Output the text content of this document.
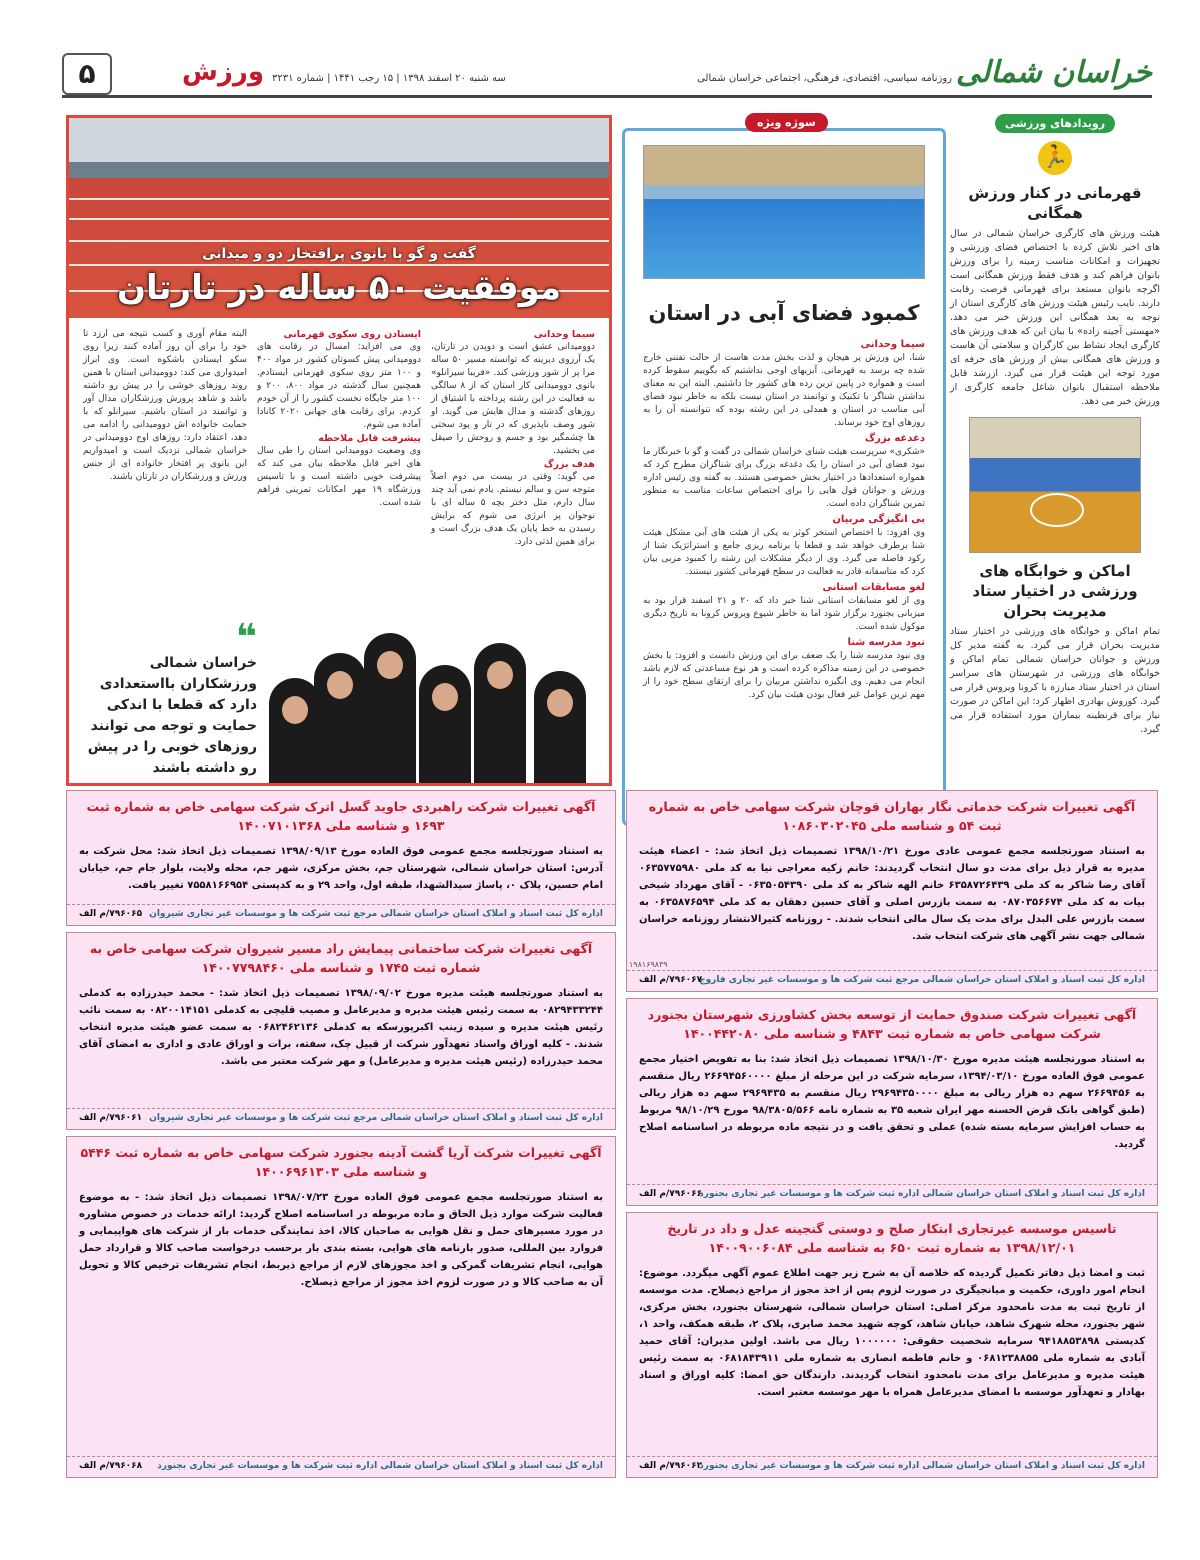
خراسان شمالی
روزنامه سیاسی، اقتصادی، فرهنگی، اجتماعی خراسان شمالی
سه شنبه ۲۰ اسفند ۱۳۹۸ | ۱۵ رجب ۱۴۴۱ | شماره ۳۲۳۱
ورزش
۵
رویدادهای ورزشی
🏃
قهرمانی در کنار ورزش همگانی
هیئت ورزش های کارگری خراسان شمالی در سال های اخیر تلاش کرده با اختصاص فضای ورزشی و تجهیزات و امکانات مناسب زمینه را برای ورزش بانوان فراهم کند و هدف فقط ورزش همگانی است اگرچه بانوان مستعد برای قهرمانی فرصت رقابت دارند. نایب رئیس هیئت ورزش های کارگری استان از توجه به بعد همگانی این ورزش خبر می دهد. «مهستی آجینه زاده» با بیان این که هدف ورزش های کارگری ایجاد نشاط بین کارگران و سلامتی آن هاست و ورزش های همگانی بیش از ورزش های حرفه ای مورد توجه این هیئت قرار می گیرد. ازرشد قابل ملاحظه استقبال بانوان شاغل جامعه کارگری از ورزش خبر می دهد.
اماکن و خوابگاه های ورزشی در اختیار ستاد مدیریت بحران
تمام اماکن و خوابگاه های ورزشی در اختیار ستاد مدیریت بحران قرار می گیرد. به گفته مدیر کل ورزش و جوانان خراسان شمالی تمام اماکن و خوابگاه های ورزشی در شهرستان های سراسر استان در اختیار ستاد مبارزه با کرونا ویروس قرار می گیرد. کوروش بهادری اظهار کرد: این اماکن در صورت نیاز برای قرنطینه بیماران مورد استفاده قرار می گیرد.
سوژه ویژه
کمبود فضای آبی در استان
سیما وحدانی
شنا، این ورزش پر هیجان و لذت بخش مدت هاست از حالت تفننی خارج شده چه برسد به قهرمانی. آبزیهای اوجی نداشتیم که بگوییم سقوط کرده است و همواره در پایین ترین رده های کشور جا داشتیم. البته این به معنای نداشتن شناگر با تکنیک و توانمند در استان نیست بلکه به خاطر نبود فضای آبی مناسب در استان و همدلی در این رشته بوده که نتوانسته آن را به روزهای اوج خود برساند.
دغدغه بزرگ
«شکری» سرپرست هیئت شنای خراسان شمالی در گفت و گو با خبرنگار ما نبود فضای آبی در استان را یک دغدغه بزرگ برای شناگران مطرح کرد که همواره استعدادها در اختیار بخش خصوصی هستند. به گفته وی رئیس اداره ورزش و جوانان قول هایی را برای اختصاص ساعات مناسب به منظور تمرین شناگران داده است.
بی انگیزگی مربیان
وی افزود: با اختصاص استخر کوثر به یکی از هیئت های آبی مشکل هیئت شنا برطرف خواهد شد و قطعا با برنامه ریزی جامع و استراتژیک شنا از رکود فاصله می گیرد. وی از دیگر مشکلات این رشته را کمبود مربی بیان کرد که متاسفانه قادر به فعالیت در سطح قهرمانی کشور نیستند.
لغو مسابقات استانی
وی از لغو مسابقات استانی شنا خبر داد که ۲۰ و ۲۱ اسفند قرار بود به میزبانی بجنورد برگزار شود اما به خاطر شیوع ویروس کرونا به تاریخ دیگری موکول شده است.
نبود مدرسه شنا
وی نبود مدرسه شنا را یک ضعف برای این ورزش دانست و افزود: با بخش خصوصی در این زمینه مذاکره کرده است و هر نوع مساعدتی که لازم باشد انجام می دهیم. وی انگیزه نداشتن مربیان را برای ارتقای سطح خود را از مهم ترین عوامل غیر فعال بودن هیئت بیان کرد.
گفت و گو با بانوی پرافتخار دو و میدانی
موفقیت ۵۰ ساله در تارتان
سیما وحدانی
دوومیدانی عشق است و دویدن در تارتان، یک آرزوی دیرینه که توانسته مسیر ۵۰ ساله مرا پر از شور ورزشی کند. «فریبا سیرانلو» بانوی دوومیدانی کار استان که از ۸ سالگی به فعالیت در این رشته پرداخته با اشتیاق از روزهای گذشته و مدال هایش می گوید. او شور وصف ناپذیری که در تار و پود سختی ها چشمگیر بود و جسم و روحش را صیقل می بخشید.
هدف بزرگ
می گوید: وقتی در بیست می دوم اصلاً متوجه سن و سالم نیستم. یادم نمی آید چند سال دارم، مثل دختر بچه ۵ ساله ای با نوجوان پر انرژی می شوم که برایش رسیدن به خط پایان یک هدف بزرگ است و برای همین لذتی دارد.
ایستادن روی سکوی قهرمانی
وی می افزاید: امسال در رقابت های دوومیدانی پیش کسوتان کشور در مواد ۴۰۰ و ۱۰۰ متر روی سکوی قهرمانی ایستادم. همچنین سال گذشته در مواد ۸۰۰، ۲۰۰ و ۱۰۰ متر جایگاه نخست کشور را از آن خودم کردم. برای رقابت های جهانی ۲۰۲۰ کانادا آماده می شوم.
پیشرفت قابل ملاحظه
وی وضعیت دوومیدانی استان را طی سال های اخیر قابل ملاحظه بیان می کند که پیشرفت خوبی داشته است و با تاسیس ورزشگاه ۱۹ مهر امکانات تمرینی فراهم شده است.
البته مقام آوری و کسب نتیجه می ارزد تا خود را برای آن روز آماده کنند زیرا روی سکو ایستادن باشکوه است. وی ابراز امیدواری می کند: دوومیدانی استان با همین روند روزهای خوشی را در پیش رو داشته باشد و شاهد پرورش ورزشکاران مدال آور و توانمند در استان باشیم. سیرانلو که با حمایت خانواده اش دوومیدانی را ادامه می دهد، اعتقاد دارد: روزهای اوج دوومیدانی در خراسان شمالی نزدیک است و امیدواریم این بانوی پر افتخار خانواده ای از جنس ورزش و ورزشکاران در تارتان باشند.
❝
خراسان شمالی ورزشکاران بااستعدادی دارد که قطعا با اندکی حمایت و توجه می توانند روزهای خوبی را در پیش رو داشته باشند
آگهی تغییرات شرکت خدماتی نگار بهاران قوچان شرکت سهامی خاص به شماره ثبت ۵۴ و شناسه ملی ۱۰۸۶۰۳۰۲۰۴۵

به استناد صورتجلسه مجمع عمومی عادی مورخ ۱۳۹۸/۱۰/۲۱ تصمیمات ذیل اتخاذ شد: - اعضاء هیئت مدیره به قرار ذیل برای مدت دو سال انتخاب گردیدند: خانم زکیه معراجی نیا به کد ملی ۰۶۳۵۷۷۵۹۸۰ آقای رضا شاکر به کد ملی ۶۳۵۸۷۲۶۴۳۹ خانم الهه شاکر به کد ملی ۰۶۳۵۰۵۴۳۹۰ - آقای مهرداد شیخی بیات به کد ملی ۰۸۷۰۳۵۶۶۷۴ به سمت بازرس اصلی و آقای حسین دهقان به کد ملی ۰۶۳۵۸۷۶۵۹۴ به سمت بازرس علی البدل برای مدت یک سال مالی انتخاب شدند. - روزنامه کثیرالانتشار روزنامه خراسان شمالی جهت نشر آگهی های شرکت انتخاب شد.

اداره کل ثبت اسناد و املاک استان خراسان شمالی مرجع ثبت شرکت ها و موسسات غیر تجاری فاروج
۷۹۶۰۶۷/م الف
۱۹۸۱۶۹۸۳۹
آگهی تغییرات شرکت راهبردی جاوید گسل اترک شرکت سهامی خاص به شماره ثبت ۱۶۹۳ و شناسه ملی ۱۴۰۰۷۱۰۱۳۶۸

به استناد صورتجلسه مجمع عمومی فوق العاده مورخ ۱۳۹۸/۰۹/۱۳ تصمیمات ذیل اتخاذ شد: محل شرکت به آدرس: استان خراسان شمالی، شهرستان جم، بخش مرکزی، شهر جم، محله ولایت، بلوار جام جم، خیابان امام حسین، پلاک ۰، پاساژ سیدالشهدا، طبقه اول، واحد ۲۹ و به کدپستی ۷۵۵۸۱۶۶۹۵۴ تغییر یافت.

اداره کل ثبت اسناد و املاک استان خراسان شمالی مرجع ثبت شرکت ها و موسسات غیر تجاری شیروان
۷۹۶۰۶۵/م الف
آگهی تغییرات شرکت ساختمانی پیمایش راد مسیر شیروان شرکت سهامی خاص به شماره ثبت ۱۷۴۵ و شناسه ملی ۱۴۰۰۷۷۹۸۴۶۰

به استناد صورتجلسه هیئت مدیره مورخ ۱۳۹۸/۰۹/۰۲ تصمیمات ذیل اتخاذ شد: - محمد حیدرزاده به کدملی ۰۸۲۹۴۳۳۲۴۴ به سمت رئیس هیئت مدیره و مدیرعامل و مصیب قلیچی به کدملی ۰۸۲۰۰۱۴۱۵۱ به سمت نائب رئیس هیئت مدیره و سیده زینب اکبرپورسکه به کدملی ۰۶۸۲۴۶۲۱۳۶ به سمت عضو هیئت مدیره انتخاب شدند. - کلیه اوراق واسناد تعهدآور شرکت از قبیل چک، سفته، برات و اوراق عادی و اداری به امضای آقای محمد حیدرزاده (رئیس هیئت مدیره و مدیرعامل) و مهر شرکت معتبر می باشد.

اداره کل ثبت اسناد و املاک استان خراسان شمالی مرجع ثبت شرکت ها و موسسات غیر تجاری شیروان
۷۹۶۰۶۱/م الف
آگهی تغییرات شرکت صندوق حمایت از توسعه بخش کشاورزی شهرستان بجنورد شرکت سهامی خاص به شماره ثبت ۴۸۴۳ و شناسه ملی ۱۴۰۰۴۴۲۰۸۰

به استناد صورتجلسه هیئت مدیره مورخ ۱۳۹۸/۱۰/۳۰ تصمیمات ذیل اتخاذ شد: بنا به تفویض اختیار مجمع عمومی فوق العاده مورخ ۱۳۹۴/۰۳/۱۰، سرمایه شرکت در این مرحله از مبلغ ۲۶۶۹۴۵۶۰۰۰۰ ریال منقسم به ۲۶۶۹۴۵۶ سهم ده هزار ریالی به مبلغ ۲۹۶۹۴۳۵۰۰۰۰ ریال منقسم به ۲۹۶۹۴۳۵ سهم ده هزار ریالی (طبق گواهی بانک قرض الحسنه مهر ایران شعبه ۳۵ به شماره نامه ۹۸/۳۸۰۵/۵۶۶ مورخ ۹۸/۱۰/۲۹ مربوط به حساب افزایش سرمایه بسته شده) عملی و تحقق یافت و در نتیجه ماده مربوطه در اساسنامه اصلاح گردید.

اداره کل ثبت اسناد و املاک استان خراسان شمالی اداره ثبت شرکت ها و موسسات غیر تجاری بجنورد
۷۹۶۰۶۶/م الف
آگهی تغییرات شرکت آریا گشت آدینه بجنورد شرکت سهامی خاص به شماره ثبت ۵۴۴۶ و شناسه ملی ۱۴۰۰۶۹۶۱۳۰۳

به استناد صورتجلسه مجمع عمومی فوق العاده مورخ ۱۳۹۸/۰۷/۲۳ تصمیمات ذیل اتخاذ شد: - به موضوع فعالیت شرکت موارد ذیل الحاق و ماده مربوطه در اساسنامه اصلاح گردید: ارائه خدمات در خصوص مشاوره در مورد مسیرهای حمل و نقل هوایی به صاحبان کالا، اخذ نمایندگی خدمات بار از شرکت های هواپیمایی و فروارد بین المللی، صدور بارنامه های هوایی، بسته بندی بار برحسب درخواست صاحب کالا و قرارداد حمل هوایی، انجام تشریفات گمرکی و اخذ مجوزهای لازم از مراجع ذیربط، انجام تشریفات ترخیص کالا و تحویل آن به صاحب کالا و در صورت لزوم اخذ مجوز از مراجع ذیصلاح.

اداره کل ثبت اسناد و املاک استان خراسان شمالی اداره ثبت شرکت ها و موسسات غیر تجاری بجنورد
۷۹۶۰۶۸/م الف
تاسیس موسسه غیرتجاری ابتکار صلح و دوستی گنجینه عدل و داد در تاریخ ۱۳۹۸/۱۲/۰۱ به شماره ثبت ۶۵۰ به شناسه ملی ۱۴۰۰۹۰۰۶۰۸۴

ثبت و امضا ذیل دفاتر تکمیل گردیده که خلاصه آن به شرح زیر جهت اطلاع عموم آگهی میگردد. موضوع: انجام امور داوری، حکمیت و میانجیگری در صورت لزوم پس از اخذ مجوز از مراجع ذیصلاح. مدت موسسه از تاریخ ثبت به مدت نامحدود مرکز اصلی: استان خراسان شمالی، شهرستان بجنورد، بخش مرکزی، شهر بجنورد، محله شهرک شاهد، خیابان شاهد، کوچه شهید محمد صابری، پلاک ۲، طبقه همکف، واحد ۱، کدپستی ۹۴۱۸۸۵۳۸۹۸ سرمایه شخصیت حقوقی: ۱۰۰۰۰۰۰ ریال می باشد. اولین مدیران: آقای حمید آبادی به شماره ملی ۰۶۸۱۲۳۸۸۵۵ و خانم فاطمه انصاری به شماره ملی ۰۶۸۱۸۴۳۹۱۱ به سمت رئیس هیئت مدیره و مدیرعامل برای مدت نامحدود انتخاب گردیدند. دارندگان حق امضا: کلیه اوراق و اسناد بهادار و تعهدآور موسسه با امضای مدیرعامل همراه با مهر موسسه معتبر است.

اداره کل ثبت اسناد و املاک استان خراسان شمالی اداره ثبت شرکت ها و موسسات غیر تجاری بجنورد
۷۹۶۰۶۲/م الف
